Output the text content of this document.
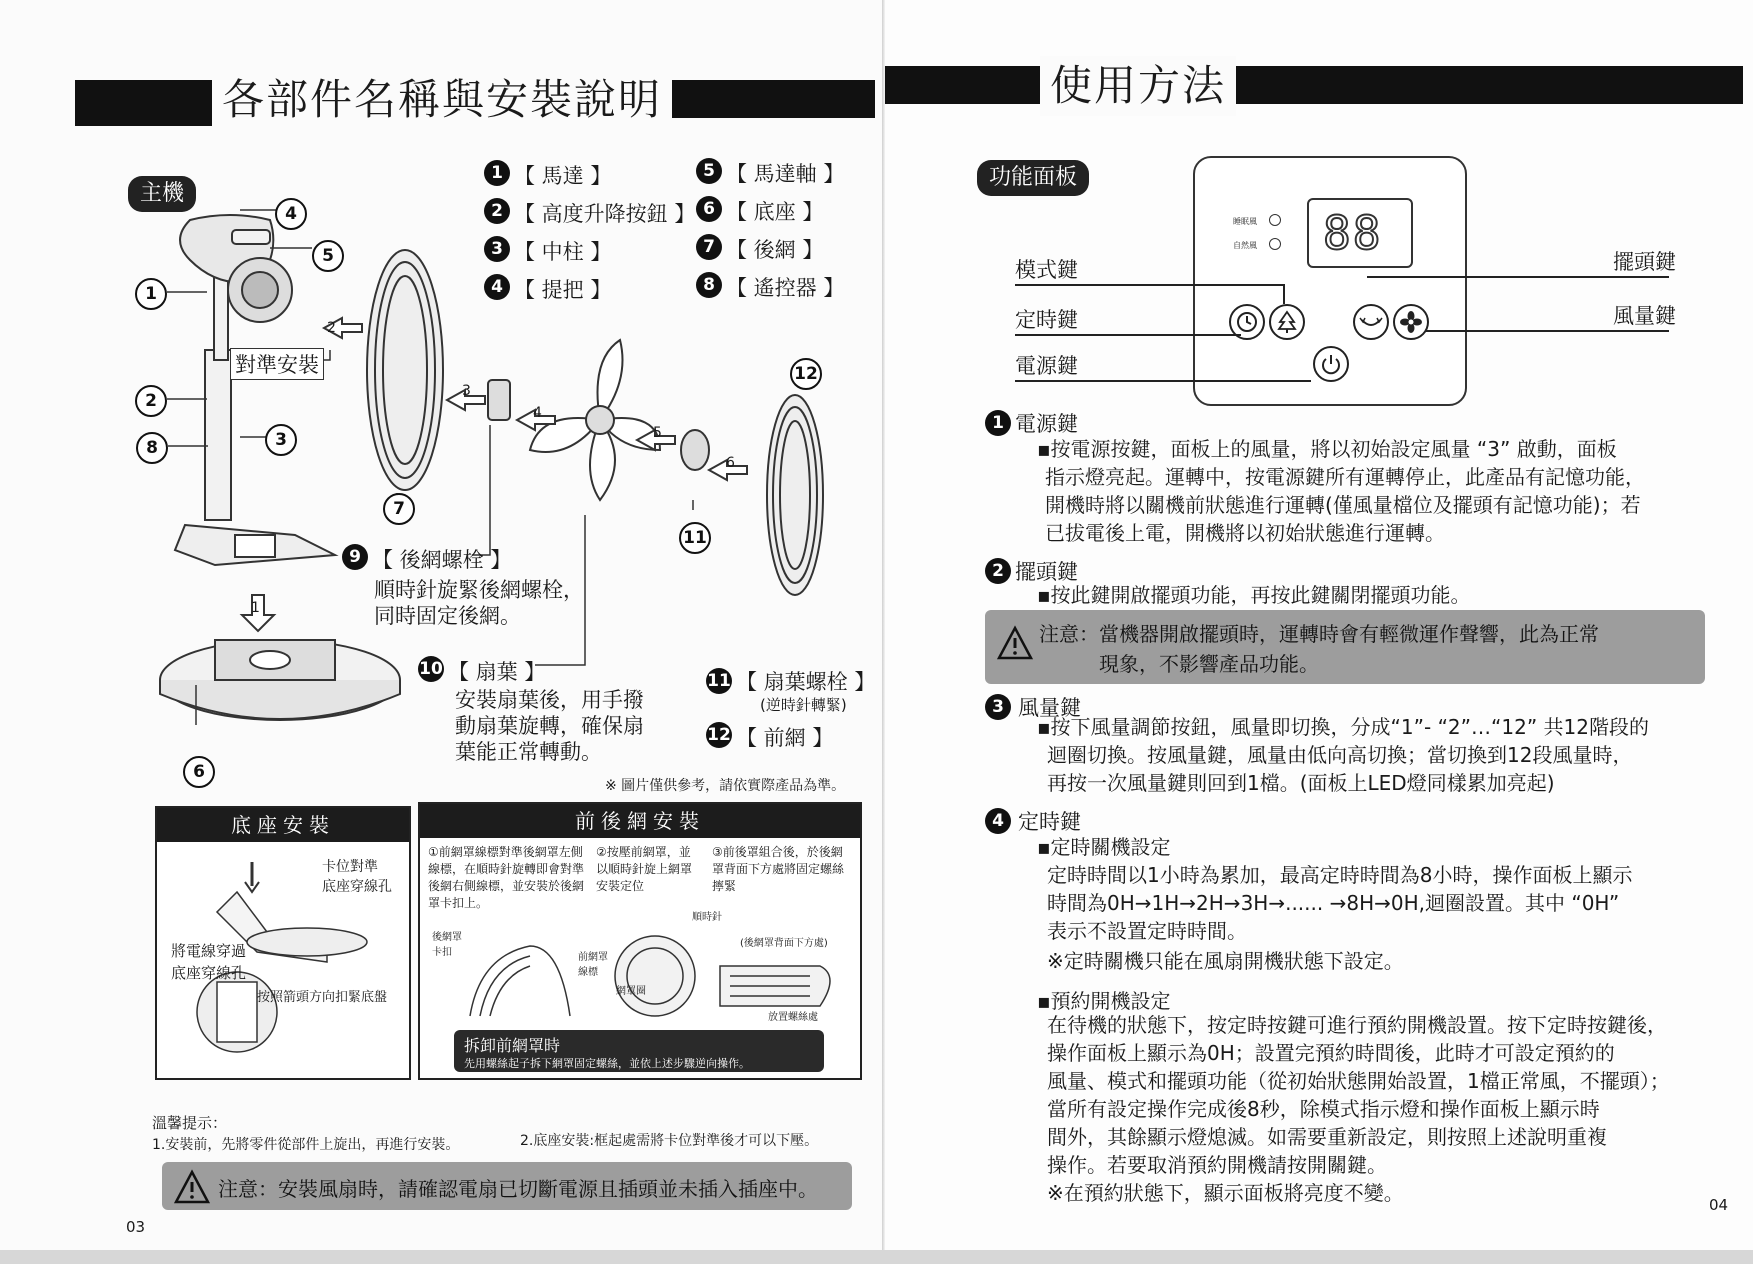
各部件名稱與安裝說明
主機
1 【 馬達 】
2 【 高度升降按鈕 】
3 【 中柱 】
4 【 提把 】
5 【 馬達軸 】
6 【 底座 】
7 【 後網 】
8 【 遙控器 】
4
5
1
2
8	3
7
11
12
6
1
2
3
4
5
6
對準安裝
9 【 後網螺栓 】
順時針旋緊後網螺栓，
同時固定後網。
10 【 扇葉 】
安裝扇葉後，用手撥
動扇葉旋轉，確保扇
葉能正常轉動。
11 【 扇葉螺栓 】
(逆時針轉緊)
12 【 前網 】
※ 圖片僅供參考，請依實際產品為準。
底座安裝
卡位對準
底座穿線孔
將電線穿過
底座穿線孔
按照箭頭方向扣緊底盤
前後網安裝
①前網罩線標對準後網罩左側線標，在順時針旋轉即會對準後網右側線標，並安裝於後網罩卡扣上。
②按壓前網罩，並以順時針旋上網罩安裝定位
③前後罩組合後，於後網罩背面下方處將固定螺絲擰緊
後網罩卡扣	前網罩線標
網罩圈
順時針
(後網罩背面下方處)
放置螺絲處
拆卸前網罩時
先用螺絲起子拆下網罩固定螺絲，並依上述步驟逆向操作。
溫馨提示：
1.安裝前，先將零件從部件上旋出，再進行安裝。	2.底座安裝:框起處需將卡位對準後才可以下壓。
注意：安裝風扇時，請確認電扇已切斷電源且插頭並未插入插座中。
03
使用方法
功能面板
88
睡眠風
自然風
模式鍵
定時鍵
電源鍵
擺頭鍵
風量鍵
1 電源鍵
▪按電源按鍵，面板上的風量，將以初始設定風量 “3” 啟動，面板
指示燈亮起。運轉中，按電源鍵所有運轉停止，此產品有記憶功能，
開機時將以關機前狀態進行運轉(僅風量檔位及擺頭有記憶功能)；若
已拔電後上電，開機將以初始狀態進行運轉。
2 擺頭鍵
▪按此鍵開啟擺頭功能，再按此鍵關閉擺頭功能。
注意：當機器開啟擺頭時，運轉時會有輕微運作聲響，此為正常
現象，不影響產品功能。
3 風量鍵
▪按下風量調節按鈕，風量即切換，分成“1”- “2”…“12” 共12階段的
迴圈切換。按風量鍵，風量由低向高切換；當切換到12段風量時，
再按一次風量鍵則回到1檔。(面板上LED燈同樣累加亮起)
4 定時鍵
▪定時關機設定
定時時間以1小時為累加，最高定時時間為8小時，操作面板上顯示
時間為0H→1H→2H→3H→...... →8H→0H,迴圈設置。其中 “0H”
表示不設置定時時間。
※定時關機只能在風扇開機狀態下設定。
▪預約開機設定
在待機的狀態下，按定時按鍵可進行預約開機設置。按下定時按鍵後，
操作面板上顯示為0H；設置完預約時間後，此時才可設定預約的
風量、模式和擺頭功能（從初始狀態開始設置，1檔正常風，不擺頭）；
當所有設定操作完成後8秒，除模式指示燈和操作面板上顯示時
間外，其餘顯示燈熄滅。如需要重新設定，則按照上述說明重複
操作。若要取消預約開機請按開關鍵。
※在預約狀態下，顯示面板將亮度不變。	04
